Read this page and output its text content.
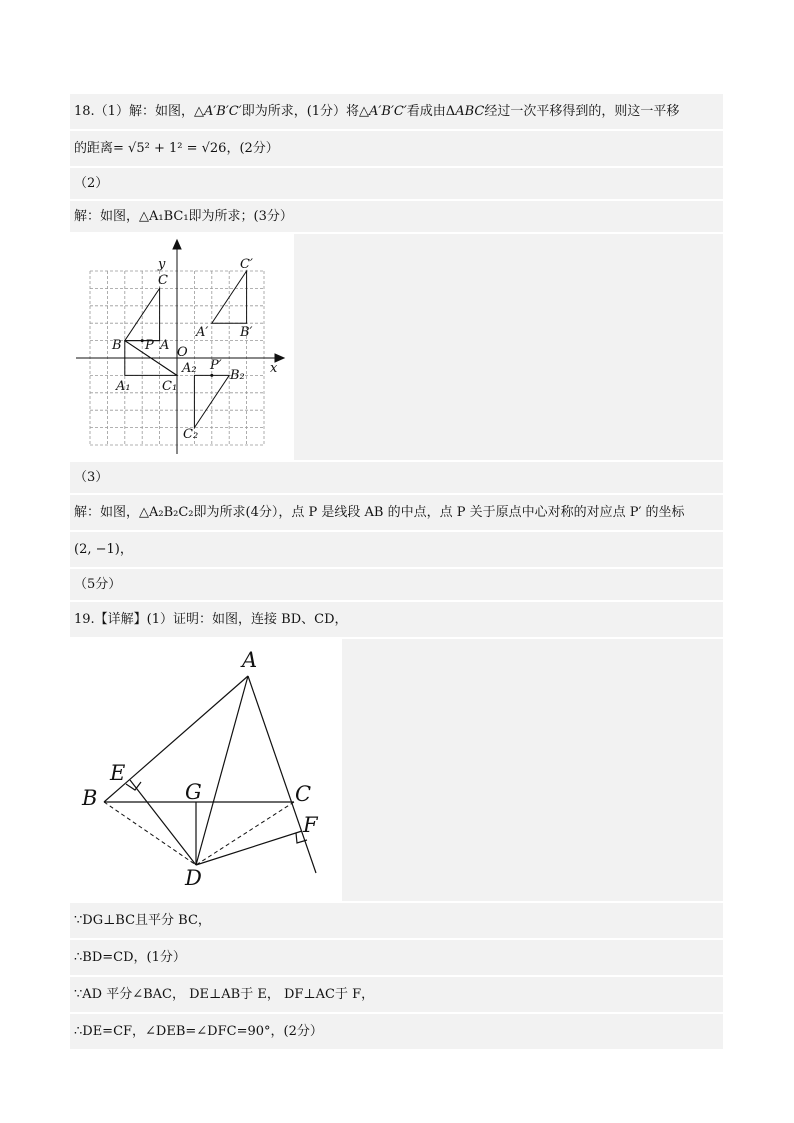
18.（1）解：如图，△A′B′C′即为所求，(1分）将△A′B′C′看成由ΔABC经过一次平移得到的，则这一平移
的距离= √5² + 1² = √26，(2分）
（2）
解：如图，△A₁BC₁即为所求；(3分）
y
x
O
C
B P A
A₁ C₁
A′ B′
C′
A₂	B₂
P′
C₂
（3）
解：如图，△A₂B₂C₂即为所求(4分），点 P 是线段 AB 的中点，点 P 关于原点中心对称的对应点 P′ 的坐标
(2, −1)，
（5分）
19.【详解】(1）证明：如图，连接 BD、CD，
A
B	C
D
E
F
G
∵DG⊥BC且平分 BC，
∴BD=CD，(1分）
∵AD 平分∠BAC， DE⊥AB于 E， DF⊥AC于 F，
∴DE=CF，∠DEB=∠DFC=90°，(2分）
